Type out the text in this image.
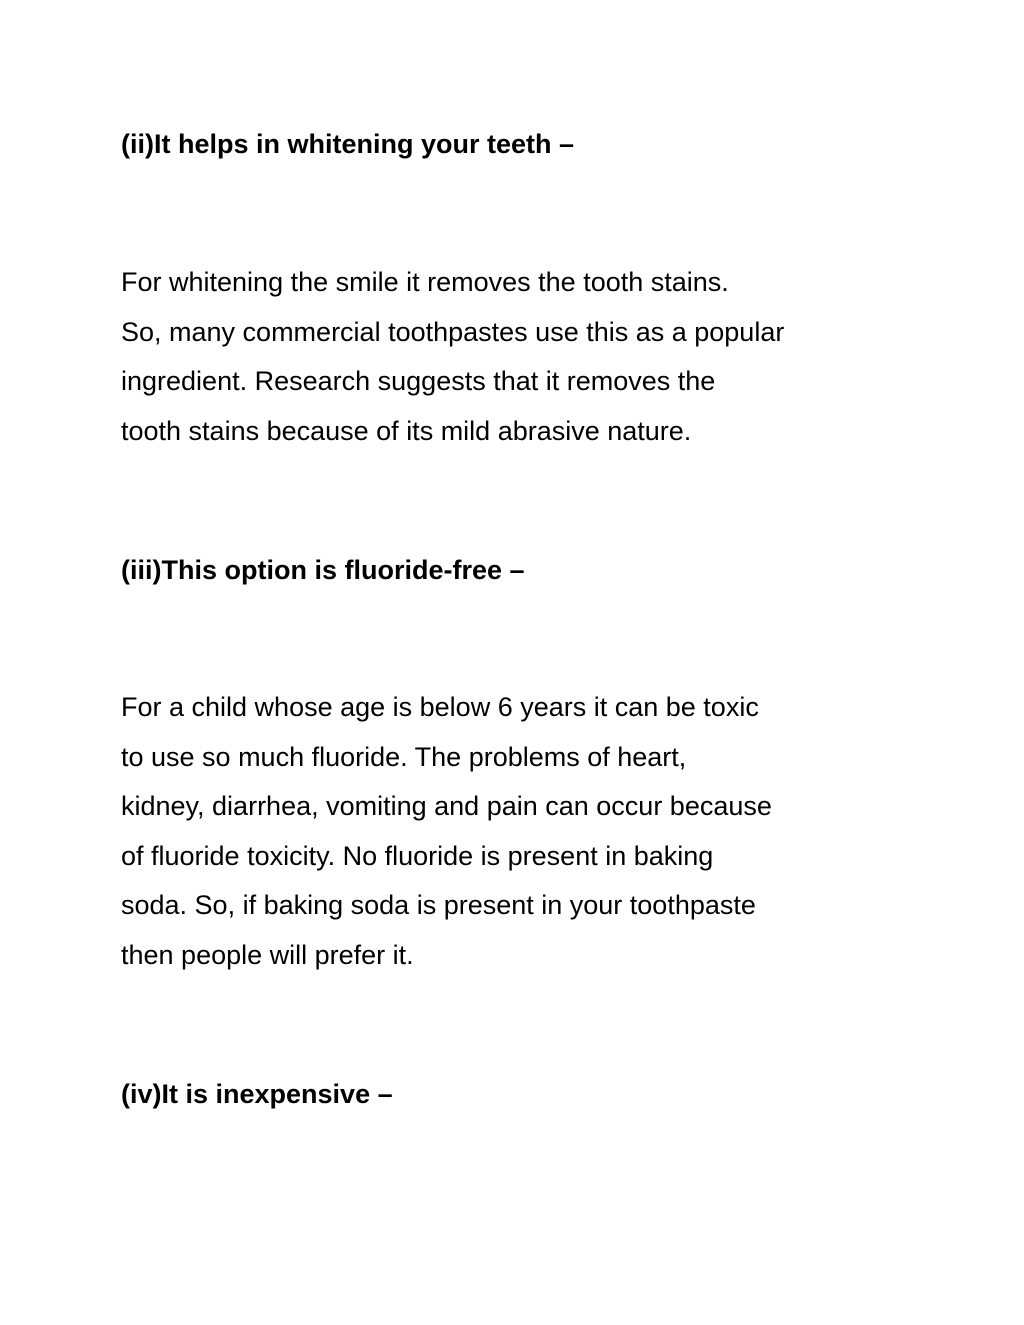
(ii)It helps in whitening your teeth –

For whitening the smile it removes the tooth stains.
So, many commercial toothpastes use this as a popular
ingredient. Research suggests that it removes the
tooth stains because of its mild abrasive nature.

(iii)This option is fluoride-free –

For a child whose age is below 6 years it can be toxic
to use so much fluoride. The problems of heart,
kidney, diarrhea, vomiting and pain can occur because
of fluoride toxicity. No fluoride is present in baking
soda. So, if baking soda is present in your toothpaste
then people will prefer it.

(iv)It is inexpensive –
